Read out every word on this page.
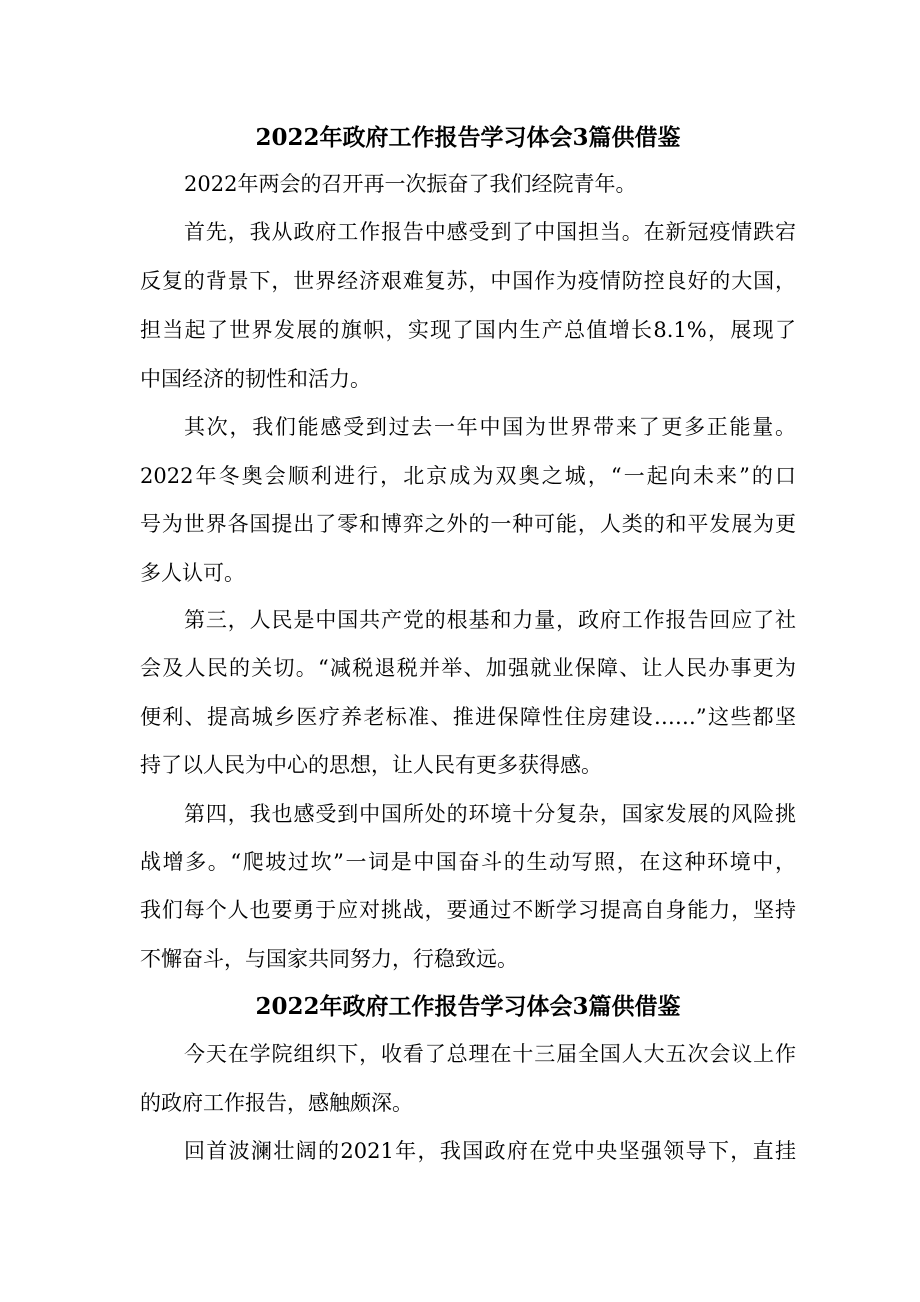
2022年政府工作报告学习体会3篇供借鉴
2022年两会的召开再一次振奋了我们经院青年。
首先，我从政府工作报告中感受到了中国担当。在新冠疫情跌宕
反复的背景下，世界经济艰难复苏，中国作为疫情防控良好的大国，
担当起了世界发展的旗帜，实现了国内生产总值增长8.1%，展现了
中国经济的韧性和活力。
其次，我们能感受到过去一年中国为世界带来了更多正能量。
2022年冬奥会顺利进行，北京成为双奥之城，“一起向未来”的口
号为世界各国提出了零和博弈之外的一种可能，人类的和平发展为更
多人认可。
第三，人民是中国共产党的根基和力量，政府工作报告回应了社
会及人民的关切。“减税退税并举、加强就业保障、让人民办事更为
便利、提高城乡医疗养老标准、推进保障性住房建设……”这些都坚
持了以人民为中心的思想，让人民有更多获得感。
第四，我也感受到中国所处的环境十分复杂，国家发展的风险挑
战增多。“爬坡过坎”一词是中国奋斗的生动写照，在这种环境中，
我们每个人也要勇于应对挑战，要通过不断学习提高自身能力，坚持
不懈奋斗，与国家共同努力，行稳致远。
2022年政府工作报告学习体会3篇供借鉴
今天在学院组织下，收看了总理在十三届全国人大五次会议上作
的政府工作报告，感触颇深。
回首波澜壮阔的2021年，我国政府在党中央坚强领导下，直挂
